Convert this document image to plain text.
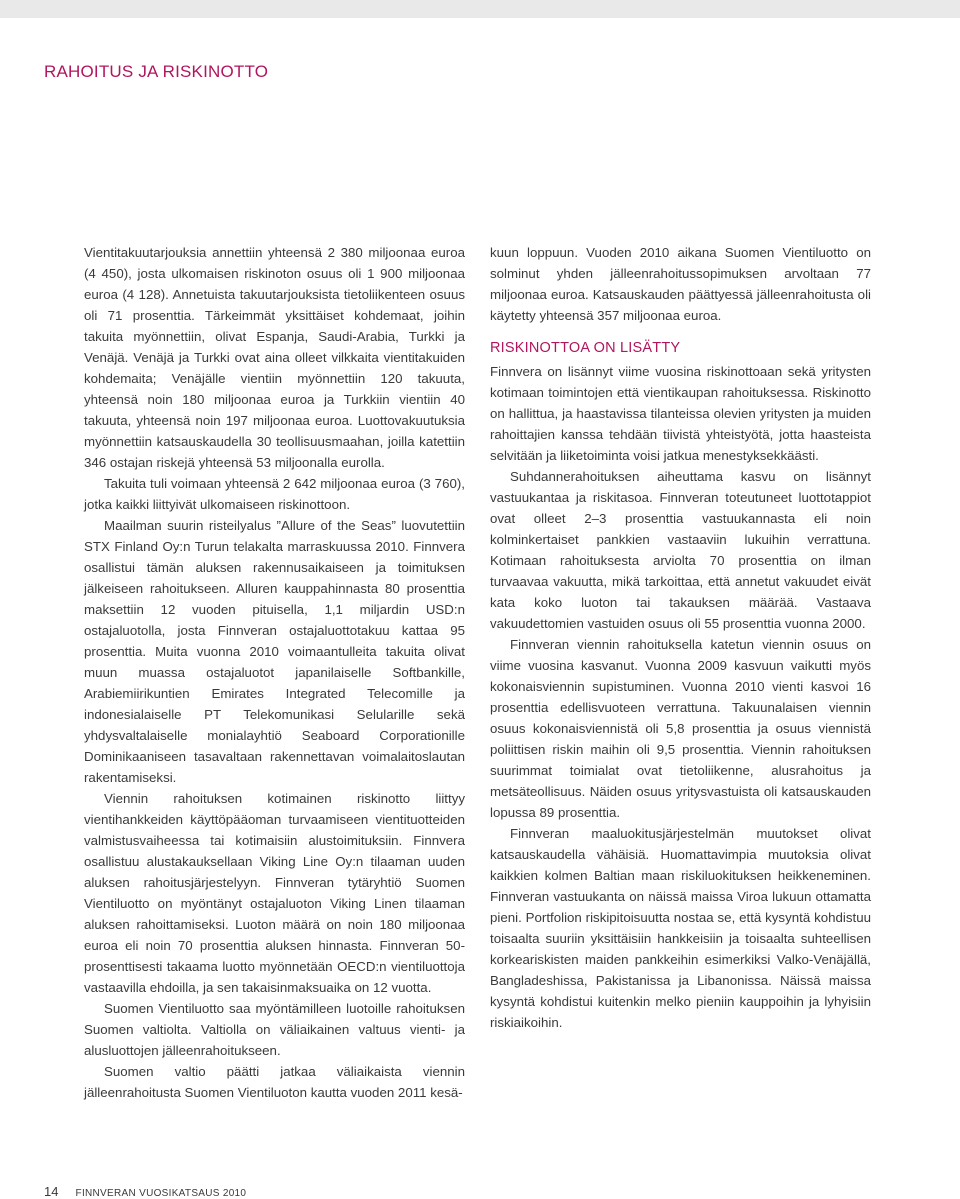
RAHOITUS JA RISKINOTTO

Vientitakuutarjouksia annettiin yhteensä 2 380 miljoonaa euroa (4 450), josta ulkomaisen riskinoton osuus oli 1 900 miljoonaa euroa (4 128). Annetuista takuutarjouksista tietoliikenteen osuus oli 71 prosenttia. Tärkeimmät yksittäiset kohdemaat, joihin takuita myönnettiin, olivat Espanja, Saudi-Arabia, Turkki ja Venäjä. Venäjä ja Turkki ovat aina olleet vilkkaita vientitakuiden kohdemaita; Venäjälle vientiin myönnettiin 120 takuuta, yhteensä noin 180 miljoonaa euroa ja Turkkiin vientiin 40 takuuta, yhteensä noin 197 miljoonaa euroa. Luottovakuutuksia myönnettiin katsauskaudella 30 teollisuusmaahan, joilla katettiin 346 ostajan riskejä yhteensä 53 miljoonalla eurolla.

Takuita tuli voimaan yhteensä 2 642 miljoonaa euroa (3 760), jotka kaikki liittyivät ulkomaiseen riskinottoon.

Maailman suurin risteilyalus ”Allure of the Seas” luovutettiin STX Finland Oy:n Turun telakalta marraskuussa 2010. Finnvera osallistui tämän aluksen rakennusaikaiseen ja toimituksen jälkeiseen rahoitukseen. Alluren kauppahinnasta 80 prosenttia maksettiin 12 vuoden pituisella, 1,1 miljardin USD:n ostajaluotolla, josta Finnveran ostajaluottotakuu kattaa 95 prosenttia. Muita vuonna 2010 voimaantulleita takuita olivat muun muassa ostajaluotot japanilaiselle Softbankille, Arabiemiirikuntien Emirates Integrated Telecomille ja indonesialaiselle PT Telekomunikasi Selularille sekä yhdysvaltalaiselle monialayhtiö Seaboard Corporationille Dominikaaniseen tasavaltaan rakennettavan voimalaitoslautan rakentamiseksi.

Viennin rahoituksen kotimainen riskinotto liittyy vientihankkeiden käyttöpääoman turvaamiseen vientituotteiden valmistusvaiheessa tai kotimaisiin alustoimituksiin. Finnvera osallistuu alustakauksellaan Viking Line Oy:n tilaaman uuden aluksen rahoitusjärjestelyyn. Finnveran tytäryhtiö Suomen Vientiluotto on myöntänyt ostajaluoton Viking Linen tilaaman aluksen rahoittamiseksi. Luoton määrä on noin 180 miljoonaa euroa eli noin 70 prosenttia aluksen hinnasta. Finnveran 50-prosenttisesti takaama luotto myönnetään OECD:n vientiluottoja vastaavilla ehdoilla, ja sen takaisinmaksuaika on 12 vuotta.

Suomen Vientiluotto saa myöntämilleen luotoille rahoituksen Suomen valtiolta. Valtiolla on väliaikainen valtuus vienti- ja alusluottojen jälleenrahoitukseen.

Suomen valtio päätti jatkaa väliaikaista viennin jälleenrahoitusta Suomen Vientiluoton kautta vuoden 2011 kesä-

kuun loppuun. Vuoden 2010 aikana Suomen Vientiluotto on solminut yhden jälleenrahoitussopimuksen arvoltaan 77 miljoonaa euroa. Katsauskauden päättyessä jälleenrahoitusta oli käytetty yhteensä 357 miljoonaa euroa.

RISKINOTTOA ON LISÄTTY

Finnvera on lisännyt viime vuosina riskinottoaan sekä yritysten kotimaan toimintojen että vientikaupan rahoituksessa. Riskinotto on hallittua, ja haastavissa tilanteissa olevien yritysten ja muiden rahoittajien kanssa tehdään tiivistä yhteistyötä, jotta haasteista selvitään ja liiketoiminta voisi jatkua menestyksekkäästi.

Suhdannerahoituksen aiheuttama kasvu on lisännyt vastuukantaa ja riskitasoa. Finnveran toteutuneet luottotappiot ovat olleet 2–3 prosenttia vastuukannasta eli noin kolminkertaiset pankkien vastaaviin lukuihin verrattuna. Kotimaan rahoituksesta arviolta 70 prosenttia on ilman turvaavaa vakuutta, mikä tarkoittaa, että annetut vakuudet eivät kata koko luoton tai takauksen määrää. Vastaava vakuudettomien vastuiden osuus oli 55 prosenttia vuonna 2000.

Finnveran viennin rahoituksella katetun viennin osuus on viime vuosina kasvanut. Vuonna 2009 kasvuun vaikutti myös kokonaisviennin supistuminen. Vuonna 2010 vienti kasvoi 16 prosenttia edellisvuoteen verrattuna. Takuunalaisen viennin osuus kokonaisviennistä oli 5,8 prosenttia ja osuus viennistä poliittisen riskin maihin oli 9,5 prosenttia. Viennin rahoituksen suurimmat toimialat ovat tietoliikenne, alusrahoitus ja metsäteollisuus. Näiden osuus yritysvastuista oli katsauskauden lopussa 89 prosenttia.

Finnveran maaluokitusjärjestelmän muutokset olivat katsauskaudella vähäisiä. Huomattavimpia muutoksia olivat kaikkien kolmen Baltian maan riskiluokituksen heikkeneminen. Finnveran vastuukanta on näissä maissa Viroa lukuun ottamatta pieni. Portfolion riskipitoisuutta nostaa se, että kysyntä kohdistuu toisaalta suuriin yksittäisiin hankkeisiin ja toisaalta suhteellisen korkeariskisten maiden pankkeihin esimerkiksi Valko-Venäjällä, Bangladeshissa, Pakistanissa ja Libanonissa. Näissä maissa kysyntä kohdistui kuitenkin melko pieniin kauppoihin ja lyhyisiin riskiaikoihin.

14 FINNVERAN VUOSIKATSAUS 2010
